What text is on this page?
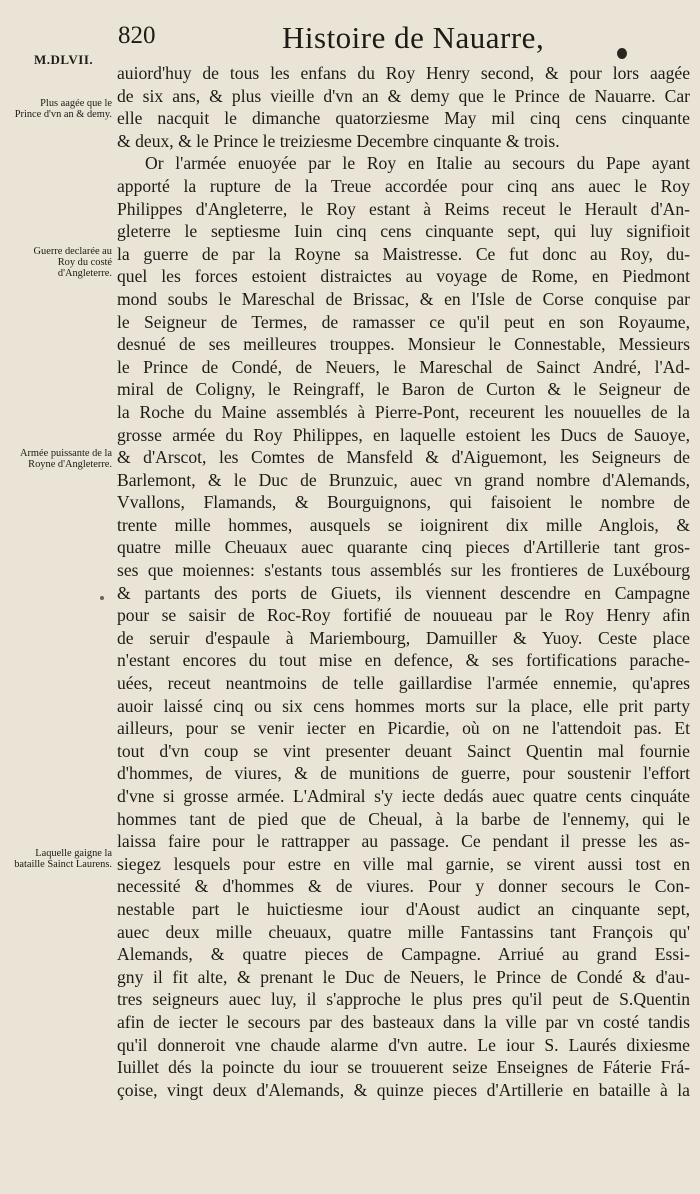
M.DLVII.
820	Histoire de Nauarre,
Plus aagée que le Prince d'vn an & demy.
Guerre declarée au Roy du costé d'Angleterre.
Armée puissante de la Royne d'Angleterre.
Laquelle gaigne la bataille Sainct Laurens.
auiord'huy de tous les enfans du Roy Henry second, & pour lors aagée
de six ans, & plus vieille d'vn an & demy que le Prince de Nauarre. Car
elle nacquit le dimanche quatorziesme May mil cinq cens cinquante
& deux, & le Prince le treiziesme Decembre cinquante & trois.
Or l'armée enuoyée par le Roy en Italie au secours du Pape ayant
apporté la rupture de la Treue accordée pour cinq ans auec le Roy
Philippes d'Angleterre, le Roy estant à Reims receut le Herault d'An-
gleterre le septiesme Iuin cinq cens cinquante sept, qui luy signifioit
la guerre de par la Royne sa Maistresse. Ce fut donc au Roy, du-
quel les forces estoient distraictes au voyage de Rome, en Piedmont
mond soubs le Mareschal de Brissac, & en l'Isle de Corse conquise par
le Seigneur de Termes, de ramasser ce qu'il peut en son Royaume,
desnué de ses meilleures trouppes. Monsieur le Connestable, Messieurs
le Prince de Condé, de Neuers, le Mareschal de Sainct André, l'Ad-
miral de Coligny, le Reingraff, le Baron de Curton & le Seigneur de
la Roche du Maine assemblés à Pierre-Pont, receurent les nouuelles de la
grosse armée du Roy Philippes, en laquelle estoient les Ducs de Sauoye,
& d'Arscot, les Comtes de Mansfeld & d'Aiguemont, les Seigneurs de
Barlemont, & le Duc de Brunzuic, auec vn grand nombre d'Alemands,
Vvallons, Flamands, & Bourguignons, qui faisoient le nombre de
trente mille hommes, ausquels se ioignirent dix mille Anglois, &
quatre mille Cheuaux auec quarante cinq pieces d'Artillerie tant gros-
ses que moiennes: s'estants tous assemblés sur les frontieres de Luxébourg
& partants des ports de Giuets, ils viennent descendre en Campagne
pour se saisir de Roc-Roy fortifié de nouueau par le Roy Henry afin
de seruir d'espaule à Mariembourg, Damuiller & Yuoy. Ceste place
n'estant encores du tout mise en defence, & ses fortifications parache-
uées, receut neantmoins de telle gaillardise l'armée ennemie, qu'apres
auoir laissé cinq ou six cens hommes morts sur la place, elle prit party
ailleurs, pour se venir iecter en Picardie, où on ne l'attendoit pas. Et
tout d'vn coup se vint presenter deuant Sainct Quentin mal fournie
d'hommes, de viures, & de munitions de guerre, pour soustenir l'effort
d'vne si grosse armée. L'Admiral s'y iecte dedás auec quatre cents cinquáte
hommes tant de pied que de Cheual, à la barbe de l'ennemy, qui le
laissa faire pour le rattrapper au passage. Ce pendant il presse les as-
siegez lesquels pour estre en ville mal garnie, se virent aussi tost en
necessité & d'hommes & de viures. Pour y donner secours le Con-
nestable part le huictiesme iour d'Aoust audict an cinquante sept,
auec deux mille cheuaux, quatre mille Fantassins tant François qu'
Alemands, & quatre pieces de Campagne. Arriué au grand Essi-
gny il fit alte, & prenant le Duc de Neuers, le Prince de Condé & d'au-
tres seigneurs auec luy, il s'approche le plus pres qu'il peut de S.Quentin
afin de iecter le secours par des basteaux dans la ville par vn costé tandis
qu'il donneroit vne chaude alarme d'vn autre. Le iour S. Laurés dixiesme
Iuillet dés la poincte du iour se trouuerent seize Enseignes de Fáterie Frá-
çoise, vingt deux d'Alemands, & quinze pieces d'Artillerie en bataille à la
